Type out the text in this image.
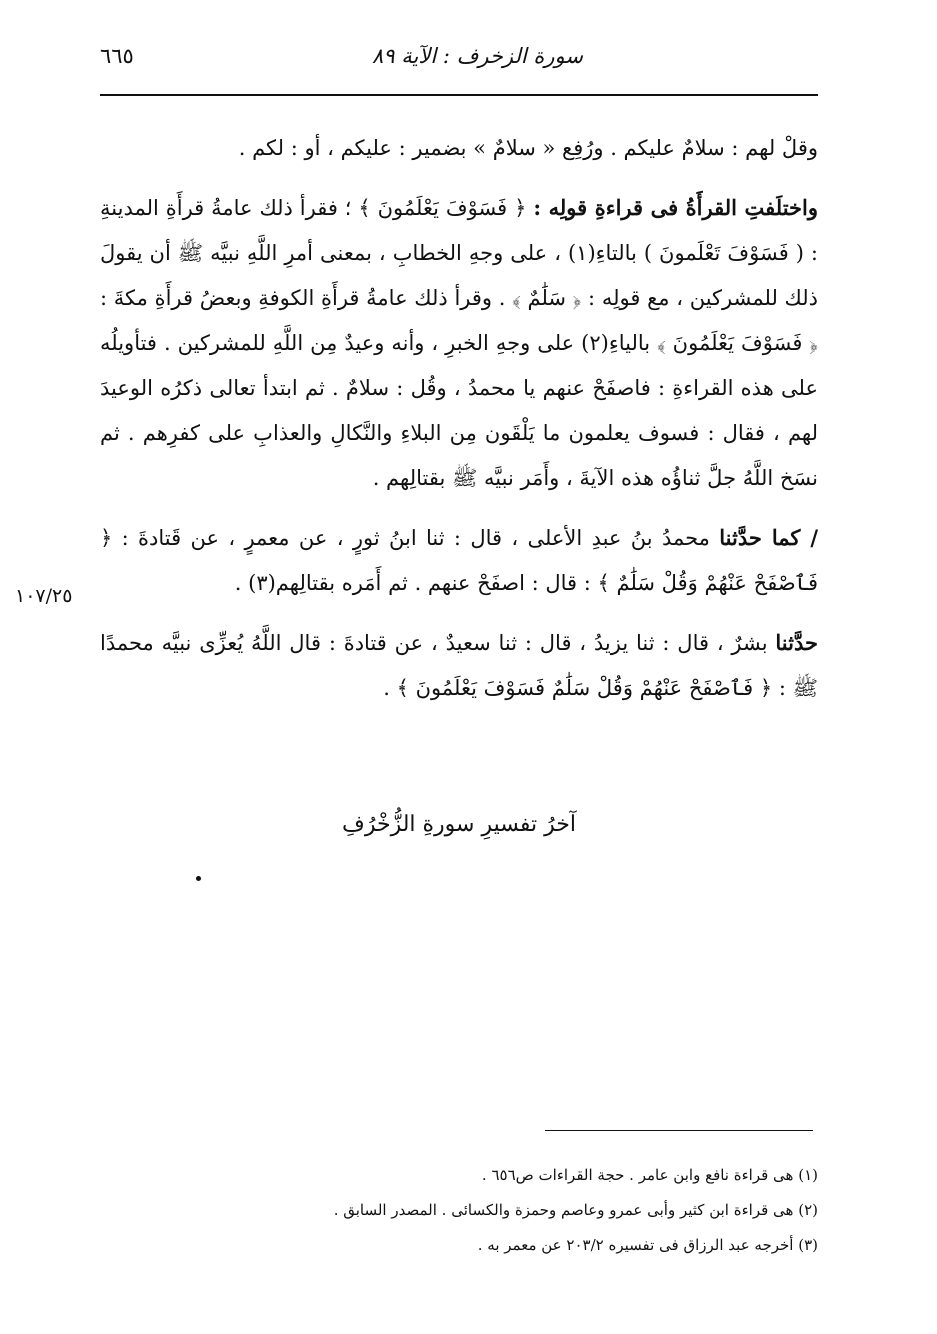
سورة الزخرف : الآية ٨٩
٦٦٥

وقلْ لهم : سلامٌ عليكم . ورُفِع « سلامٌ » بضمير : عليكم ، أو : لكم .

واختلَفتِ القرأَةُ فى قراءةِ قولِه : ﴿ فَسَوْفَ يَعْلَمُونَ ﴾ ؛ فقرأ ذلك عامةُ قرأَةِ المدينةِ : ( فَسَوْفَ تَعْلَمونَ ) بالتاءِ(١) ، على وجهِ الخطابِ ، بمعنى أمرِ اللَّهِ نبيَّه ﷺ أن يقولَ ذلك للمشركين ، مع قولِه : ﴿ سَلَٰمٌ ﴾ . وقرأ ذلك عامةُ قرأَةِ الكوفةِ وبعضُ قرأَةِ مكةَ : ﴿ فَسَوْفَ يَعْلَمُونَ ﴾ بالياءِ(٢) على وجهِ الخبرِ ، وأنه وعيدٌ مِن اللَّهِ للمشركين . فتأويلُه على هذه القراءةِ : فاصفَحْ عنهم يا محمدُ ، وقُل : سلامٌ . ثم ابتدأ تعالى ذكرُه الوعيدَ لهم ، فقال : فسوف يعلمون ما يَلْقَون مِن البلاءِ والنَّكالِ والعذابِ على كفرِهم . ثم نسَخ اللَّهُ جلَّ ثناؤُه هذه الآيةَ ، وأَمَر نبيَّه ﷺ بقتالِهم .

/ كما حدَّثنا محمدُ بنُ عبدِ الأعلى ، قال : ثنا ابنُ ثورٍ ، عن معمرٍ ، عن قَتادةَ : ﴿ فَٱصْفَحْ عَنْهُمْ وَقُلْ سَلَٰمٌ ﴾ : قال : اصفَحْ عنهم . ثم أَمَره بقتالِهم(٣) .

حدَّثنا بشرٌ ، قال : ثنا يزيدُ ، قال : ثنا سعيدٌ ، عن قتادةَ : قال اللَّهُ يُعزِّى نبيَّه محمدًا ﷺ : ﴿ فَٱصْفَحْ عَنْهُمْ وَقُلْ سَلَٰمٌ فَسَوْفَ يَعْلَمُونَ ﴾ .

١٠٧/٢٥
آخرُ تفسيرِ سورةِ الزُّخْرُفِ

(١) هى قراءة نافع وابن عامر . حجة القراءات ص٦٥٦ .

(٢) هى قراءة ابن كثير وأبى عمرو وعاصم وحمزة والكسائى . المصدر السابق .

(٣) أخرجه عبد الرزاق فى تفسيره ٢٠٣/٢ عن معمر به .
